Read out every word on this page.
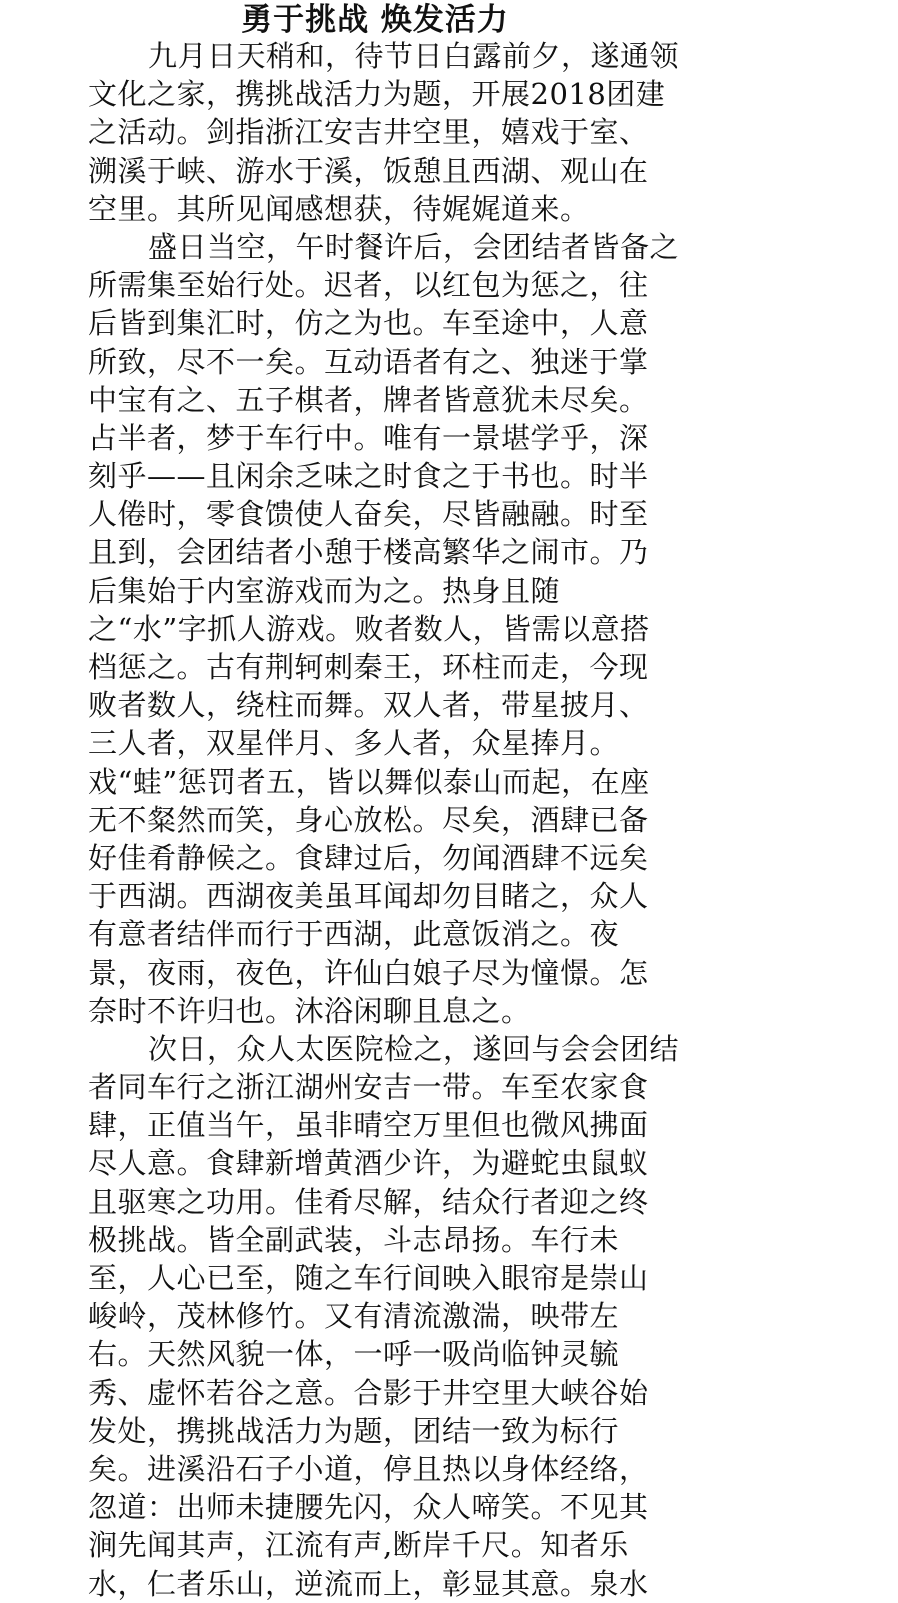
勇于挑战 焕发活力
九月日天稍和，待节日白露前夕，遂通领
文化之家，携挑战活力为题，开展2018团建
之活动。剑指浙江安吉井空里，嬉戏于室、
溯溪于峡、游水于溪，饭憩且西湖、观山在
空里。其所见闻感想获，待娓娓道来。
盛日当空，午时餐许后，会团结者皆备之
所需集至始行处。迟者，以红包为惩之，往
后皆到集汇时，仿之为也。车至途中，人意
所致，尽不一矣。互动语者有之、独迷于掌
中宝有之、五子棋者，牌者皆意犹未尽矣。
占半者，梦于车行中。唯有一景堪学乎，深
刻乎——且闲余乏味之时食之于书也。时半
人倦时，零食馈使人奋矣，尽皆融融。时至
且到，会团结者小憩于楼高繁华之闹市。乃
后集始于内室游戏而为之。热身且随
之“水”字抓人游戏。败者数人，皆需以意搭
档惩之。古有荆轲刺秦王，环柱而走，今现
败者数人，绕柱而舞。双人者，带星披月、
三人者，双星伴月、多人者，众星捧月。
戏“蛙”惩罚者五，皆以舞似泰山而起，在座
无不粲然而笑，身心放松。尽矣，酒肆已备
好佳肴静候之。食肆过后，勿闻酒肆不远矣
于西湖。西湖夜美虽耳闻却勿目睹之，众人
有意者结伴而行于西湖，此意饭消之。夜
景，夜雨，夜色，许仙白娘子尽为憧憬。怎
奈时不许归也。沐浴闲聊且息之。
次日，众人太医院检之，遂回与会会团结
者同车行之浙江湖州安吉一带。车至农家食
肆，正值当午，虽非晴空万里但也微风拂面
尽人意。食肆新增黄酒少许，为避蛇虫鼠蚁
且驱寒之功用。佳肴尽解，结众行者迎之终
极挑战。皆全副武装，斗志昂扬。车行未
至，人心已至，随之车行间映入眼帘是崇山
峻岭，茂林修竹。又有清流激湍，映带左
右。天然风貌一体，一呼一吸尚临钟灵毓
秀、虚怀若谷之意。合影于井空里大峡谷始
发处，携挑战活力为题，团结一致为标行
矣。进溪沿石子小道，停且热以身体经络，
忽道：出师未捷腰先闪，众人啼笑。不见其
涧先闻其声，江流有声,断岸千尺。知者乐
水，仁者乐山，逆流而上，彰显其意。泉水
